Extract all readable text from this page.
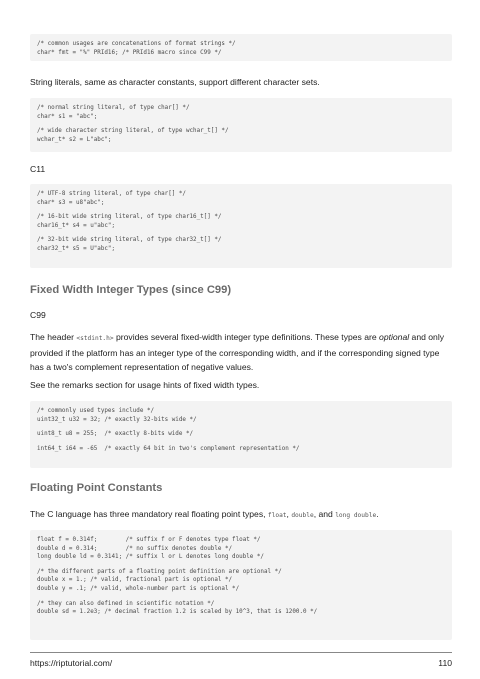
/* common usages are concatenations of format strings */
char* fmt = "%" PRId16; /* PRId16 macro since C99 */
String literals, same as character constants, support different character sets.
/* normal string literal, of type char[] */
char* s1 = "abc";
/* wide character string literal, of type wchar_t[] */
wchar_t* s2 = L"abc";
C11
/* UTF-8 string literal, of type char[] */
char* s3 = u8"abc";
/* 16-bit wide string literal, of type char16_t[] */
char16_t* s4 = u"abc";
/* 32-bit wide string literal, of type char32_t[] */
char32_t* s5 = U"abc";
Fixed Width Integer Types (since C99)
C99
The header <stdint.h> provides several fixed-width integer type definitions. These types are optional and only provided if the platform has an integer type of the corresponding width, and if the corresponding signed type has a two's complement representation of negative values.
See the remarks section for usage hints of fixed width types.
/* commonly used types include */
uint32_t u32 = 32; /* exactly 32-bits wide */
uint8_t u8 = 255;  /* exactly 8-bits wide */
int64_t i64 = -65  /* exactly 64 bit in two's complement representation */
Floating Point Constants
The C language has three mandatory real floating point types, float, double, and long double.
float f = 0.314f;        /* suffix f or F denotes type float */
double d = 0.314;        /* no suffix denotes double */
long double ld = 0.3141; /* suffix l or L denotes long double */
/* the different parts of a floating point definition are optional */
double x = 1.; /* valid, fractional part is optional */
double y = .1; /* valid, whole-number part is optional */
/* they can also defined in scientific notation */
double sd = 1.2e3; /* decimal fraction 1.2 is scaled by 10^3, that is 1200.0 */
https://riptutorial.com/	110
